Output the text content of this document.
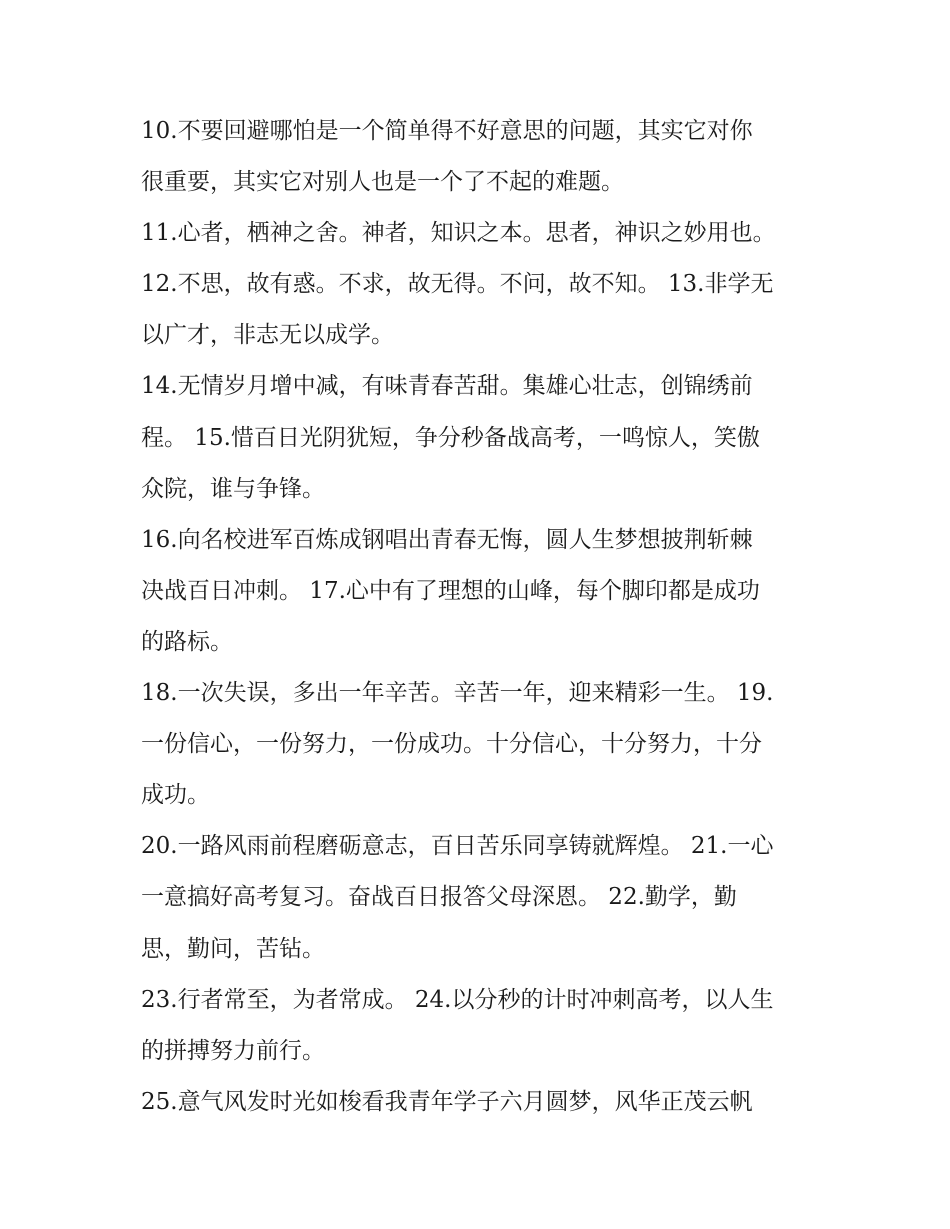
10.不要回避哪怕是一个简单得不好意思的问题，其实它对你
很重要，其实它对别人也是一个了不起的难题。
11.心者，栖神之舍。神者，知识之本。思者，神识之妙用也。
12.不思，故有惑。不求，故无得。不问，故不知。 13.非学无
以广才，非志无以成学。
14.无情岁月增中减，有味青春苦甜。集雄心壮志，创锦绣前
程。 15.惜百日光阴犹短，争分秒备战高考，一鸣惊人，笑傲
众院，谁与争锋。
16.向名校进军百炼成钢唱出青春无悔，圆人生梦想披荆斩棘
决战百日冲刺。 17.心中有了理想的山峰，每个脚印都是成功
的路标。
18.一次失误，多出一年辛苦。辛苦一年，迎来精彩一生。 19.
一份信心，一份努力，一份成功。十分信心，十分努力，十分
成功。
20.一路风雨前程磨砺意志，百日苦乐同享铸就辉煌。 21.一心
一意搞好高考复习。奋战百日报答父母深恩。 22.勤学，勤
思，勤问，苦钻。
23.行者常至，为者常成。 24.以分秒的计时冲刺高考，以人生
的拼搏努力前行。
25.意气风发时光如梭看我青年学子六月圆梦，风华正茂云帆
